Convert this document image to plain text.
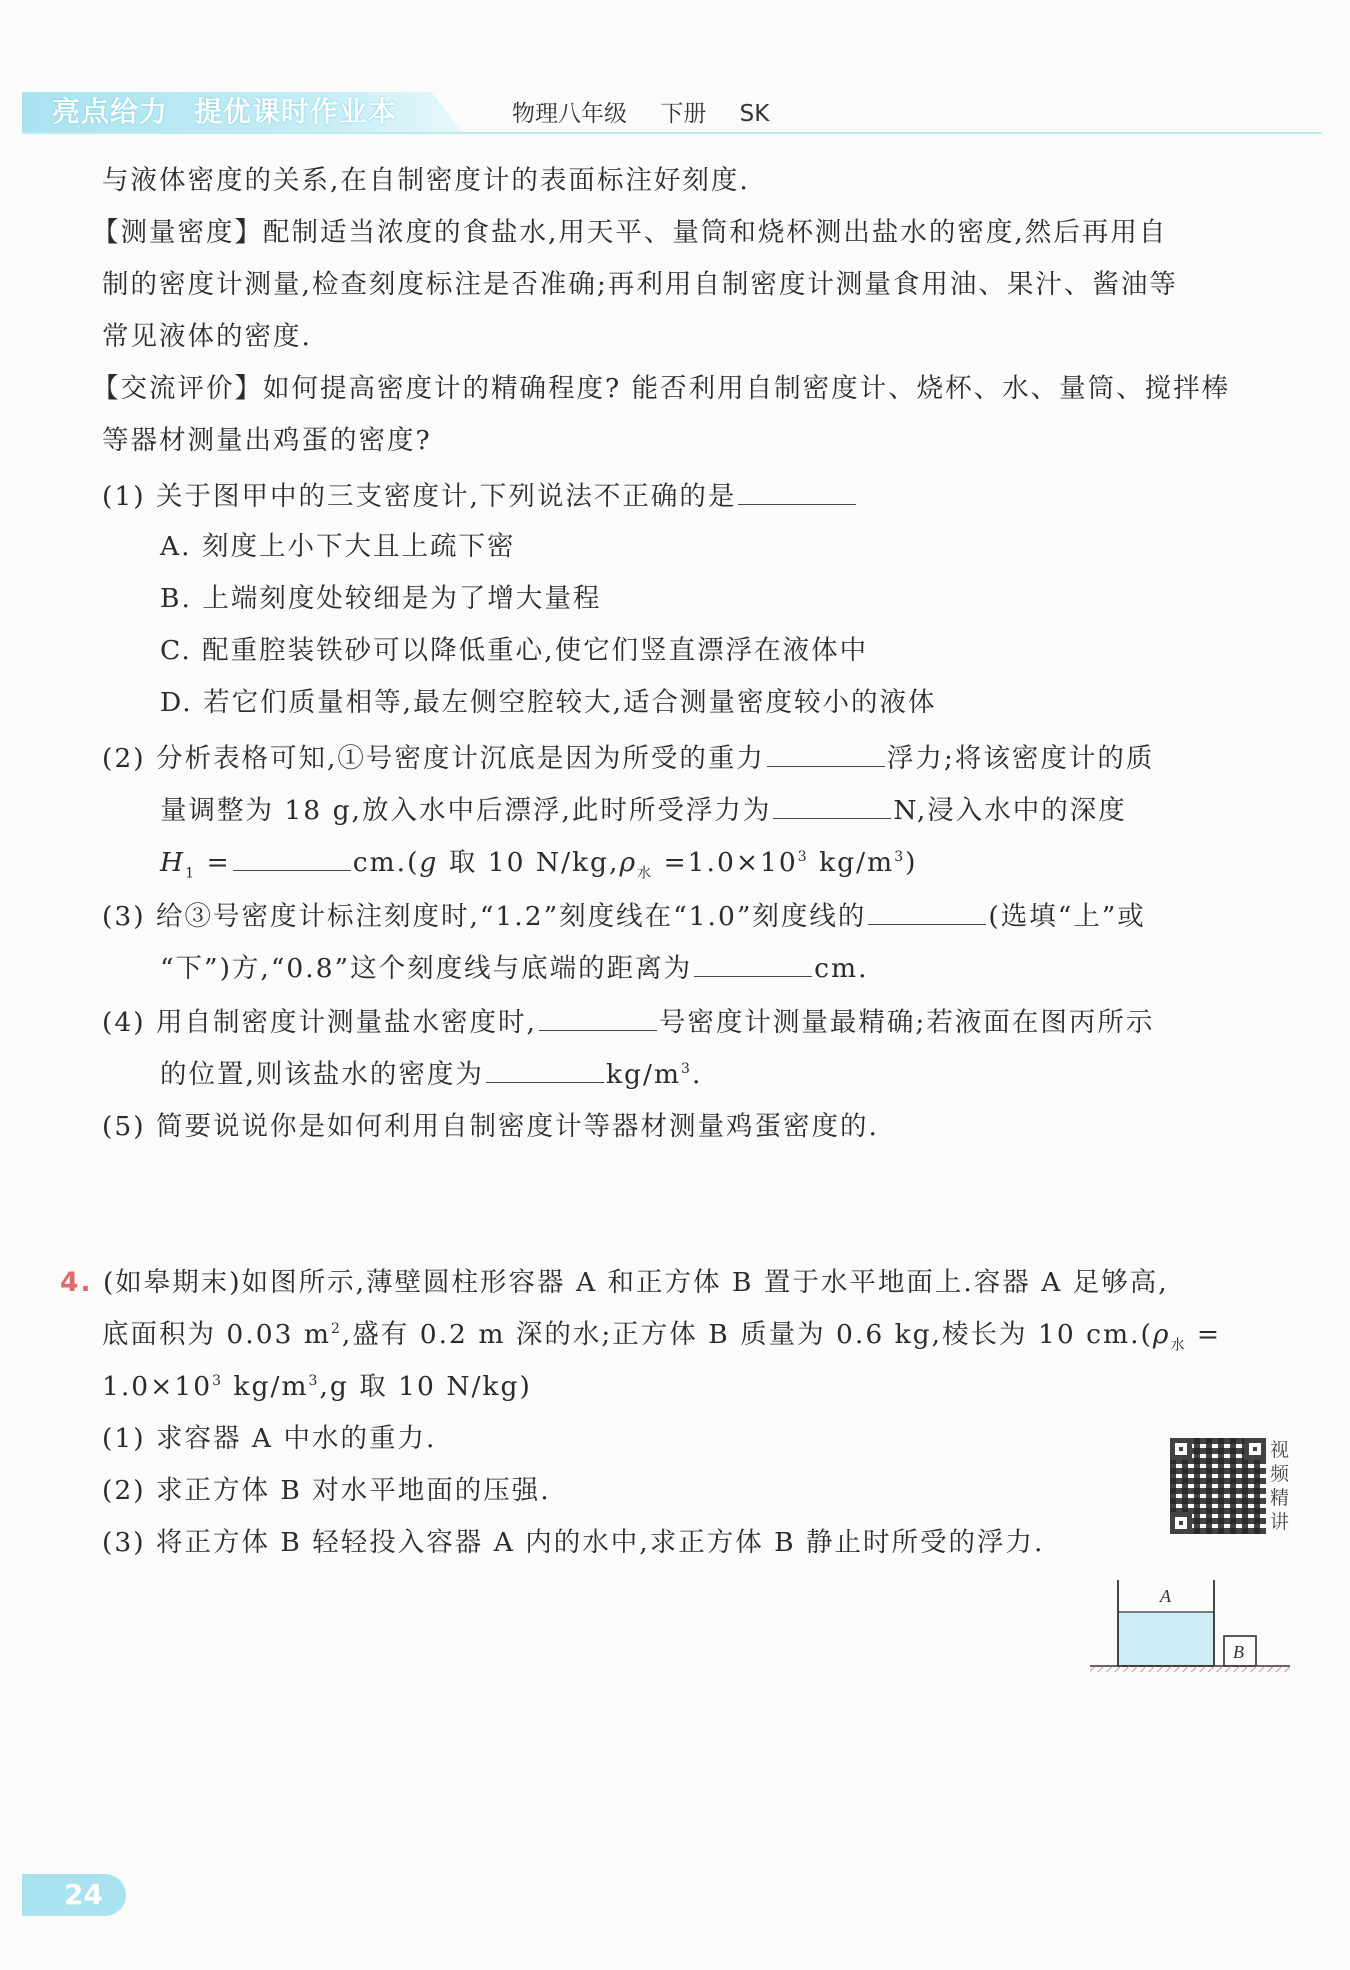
亮点给力 提优课时作业本	物理八年级 下册 SK
与液体密度的关系,在自制密度计的表面标注好刻度.
【测量密度】配制适当浓度的食盐水,用天平、量筒和烧杯测出盐水的密度,然后再用自
制的密度计测量,检查刻度标注是否准确;再利用自制密度计测量食用油、果汁、酱油等
常见液体的密度.
【交流评价】如何提高密度计的精确程度? 能否利用自制密度计、烧杯、水、量筒、搅拌棒
等器材测量出鸡蛋的密度?
(1) 关于图甲中的三支密度计,下列说法不正确的是
A. 刻度上小下大且上疏下密
B. 上端刻度处较细是为了增大量程
C. 配重腔装铁砂可以降低重心,使它们竖直漂浮在液体中
D. 若它们质量相等,最左侧空腔较大,适合测量密度较小的液体
(2) 分析表格可知,①号密度计沉底是因为所受的重力	浮力;将该密度计的质
量调整为 18 g,放入水中后漂浮,此时所受浮力为	N,浸入水中的深度
$H_1$ =	cm.(g 取 10 $N/kg,\rho_水 =1.0\times 10^3$ $kg/m^3$)
(3) 给③号密度计标注刻度时,“1.2”刻度线在“1.0”刻度线的	(选填“上”或
“下”)方,“0.8”这个刻度线与底端的距离为	cm.
(4) 用自制密度计测量盐水密度时,	号密度计测量最精确;若液面在图丙所示
的位置,则该盐水的密度为	$kg/m^3$.
(5) 简要说说你是如何利用自制密度计等器材测量鸡蛋密度的.
4. (如皋期末)如图所示,薄壁圆柱形容器 A 和正方体 B 置于水平地面上.容器 A 足够高,
底面积为 0.03 $m^2$,盛有 0.2 m 深的水;正方体 B 质量为 0.6 kg,棱长为 10 $cm.(\rho_水$ =
$1.0\times 10^3$ $kg/m^3,g$ 取 10 N/kg)
(1) 求容器 A 中水的重力.
(2) 求正方体 B 对水平地面的压强.
(3) 将正方体 B 轻轻投入容器 A 内的水中,求正方体 B 静止时所受的浮力.
视频精讲
A
B
24
